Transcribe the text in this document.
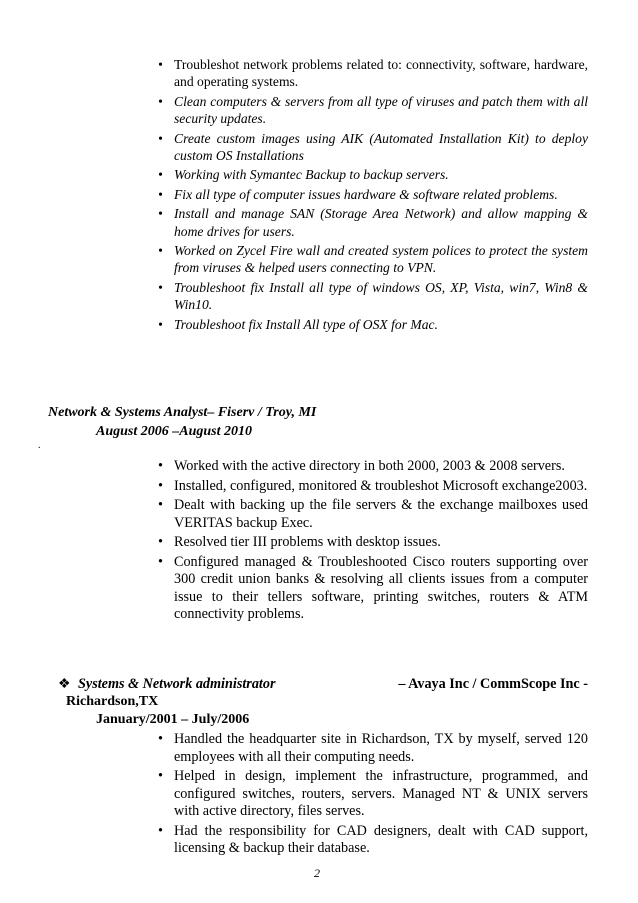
• Troubleshot network problems related to: connectivity, software, hardware, and operating systems.
• Clean computers & servers from all type of viruses and patch them with all security updates.
• Create custom images using AIK (Automated Installation Kit) to deploy custom OS Installations
• Working with Symantec Backup to backup servers.
• Fix all type of computer issues hardware & software related problems.
• Install and manage SAN (Storage Area Network) and allow mapping & home drives for users.
• Worked on Zycel Fire wall and created system polices to protect the system from viruses & helped users connecting to VPN.
• Troubleshoot fix Install all type of windows OS, XP, Vista, win7, Win8 & Win10.
• Troubleshoot fix Install All type of OSX for Mac.
Network & Systems Analyst– Fiserv / Troy, MI
August 2006 –August 2010
.
• Worked with the active directory in both 2000, 2003 & 2008 servers.
• Installed, configured, monitored & troubleshot Microsoft exchange2003.
• Dealt with backing up the file servers & the exchange mailboxes used VERITAS backup Exec.
• Resolved tier III problems with desktop issues.
• Configured managed & Troubleshooted Cisco routers supporting over 300 credit union banks & resolving all clients issues from a computer issue to their tellers software, printing switches, routers & ATM connectivity problems.
❖ Systems & Network administrator	– Avaya Inc / CommScope Inc -
Richardson,TX
January/2001 – July/2006
• Handled the headquarter site in Richardson, TX by myself, served 120 employees with all their computing needs.
• Helped in design, implement the infrastructure, programmed, and configured switches, routers, servers. Managed NT & UNIX servers with active directory, files serves.
• Had the responsibility for CAD designers, dealt with CAD support, licensing & backup their database.
2
